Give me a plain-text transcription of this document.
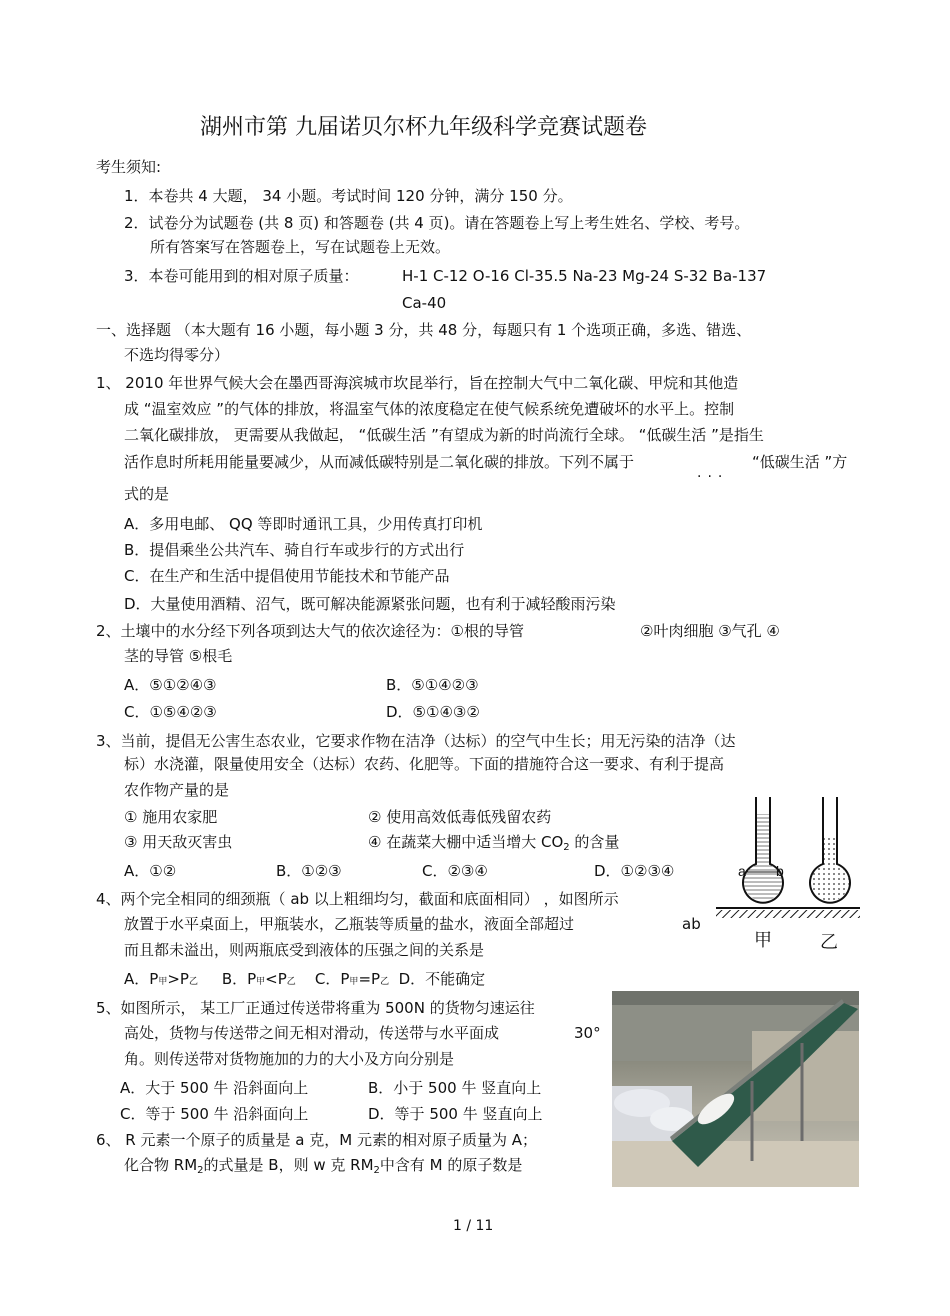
湖州市第 九届诺贝尔杯九年级科学竞赛试题卷
考生须知:
1．本卷共 4 大题， 34 小题。考试时间 120 分钟，满分 150 分。
2．试卷分为试题卷 (共 8 页) 和答题卷 (共 4 页)。请在答题卷上写上考生姓名、学校、考号。
所有答案写在答题卷上，写在试题卷上无效。
3．本卷可能用到的相对原子质量：	H-1 C-12 O-16 Cl-35.5 Na-23 Mg-24 S-32 Ba-137
Ca-40
一、选择题 （本大题有 16 小题，每小题 3 分，共 48 分，每题只有 1 个选项正确，多选、错选、
不选均得零分）
1、 2010 年世界气候大会在墨西哥海滨城市坎昆举行，旨在控制大气中二氧化碳、甲烷和其他造
成 “温室效应 ”的气体的排放，将温室气体的浓度稳定在使气候系统免遭破坏的水平上。控制
二氧化碳排放， 更需要从我做起， “低碳生活 ”有望成为新的时尚流行全球。 “低碳生活 ”是指生
活作息时所耗用能量要减少，从而减低碳特别是二氧化碳的排放。下列不属于
...
“低碳生活 ”方
式的是
A．多用电邮、 QQ 等即时通讯工具，少用传真打印机
B．提倡乘坐公共汽车、骑自行车或步行的方式出行
C．在生产和生活中提倡使用节能技术和节能产品
D．大量使用酒精、沼气，既可解决能源紧张问题，也有利于减轻酸雨污染
2、土壤中的水分经下列各项到达大气的依次途径为：①根的导管	②叶肉细胞 ③气孔 ④
茎的导管 ⑤根毛
A．⑤①②④③	B．⑤①④②③
C．①⑤④②③	D．⑤①④③②
3、当前，提倡无公害生态农业，它要求作物在洁净（达标）的空气中生长；用无污染的洁净（达
标）水浇灌，限量使用安全（达标）农药、化肥等。下面的措施符合这一要求、有利于提高
农作物产量的是
① 施用农家肥	② 使用高效低毒低残留农药
③ 用天敌灭害虫	④ 在蔬菜大棚中适当增大 $CO_2$ 的含量
A．①②	B．①②③	C．②③④	D．①②③④
4、两个完全相同的细颈瓶（ ab 以上粗细均匀，截面和底面相同） ，如图所示
放置于水平桌面上，甲瓶装水，乙瓶装等质量的盐水，液面全部超过	ab
而且都未溢出，则两瓶底受到液体的压强之间的关系是
A．P甲>P乙 B．P甲<P乙 C．P甲=P乙 D．不能确定
a b
甲	乙
5、如图所示， 某工厂正通过传送带将重为 500N 的货物匀速运往
高处，货物与传送带之间无相对滑动，传送带与水平面成	30°
角。则传送带对货物施加的力的大小及方向分别是
A．大于 500 牛 沿斜面向上	B．小于 500 牛 竖直向上
C．等于 500 牛 沿斜面向上	D．等于 500 牛 竖直向上
6、 R 元素一个原子的质量是 a 克，M 元素的相对原子质量为 A；
化合物 $RM_2$的式量是 B，则 w 克 $RM_2$中含有 M 的原子数是
1 / 11
